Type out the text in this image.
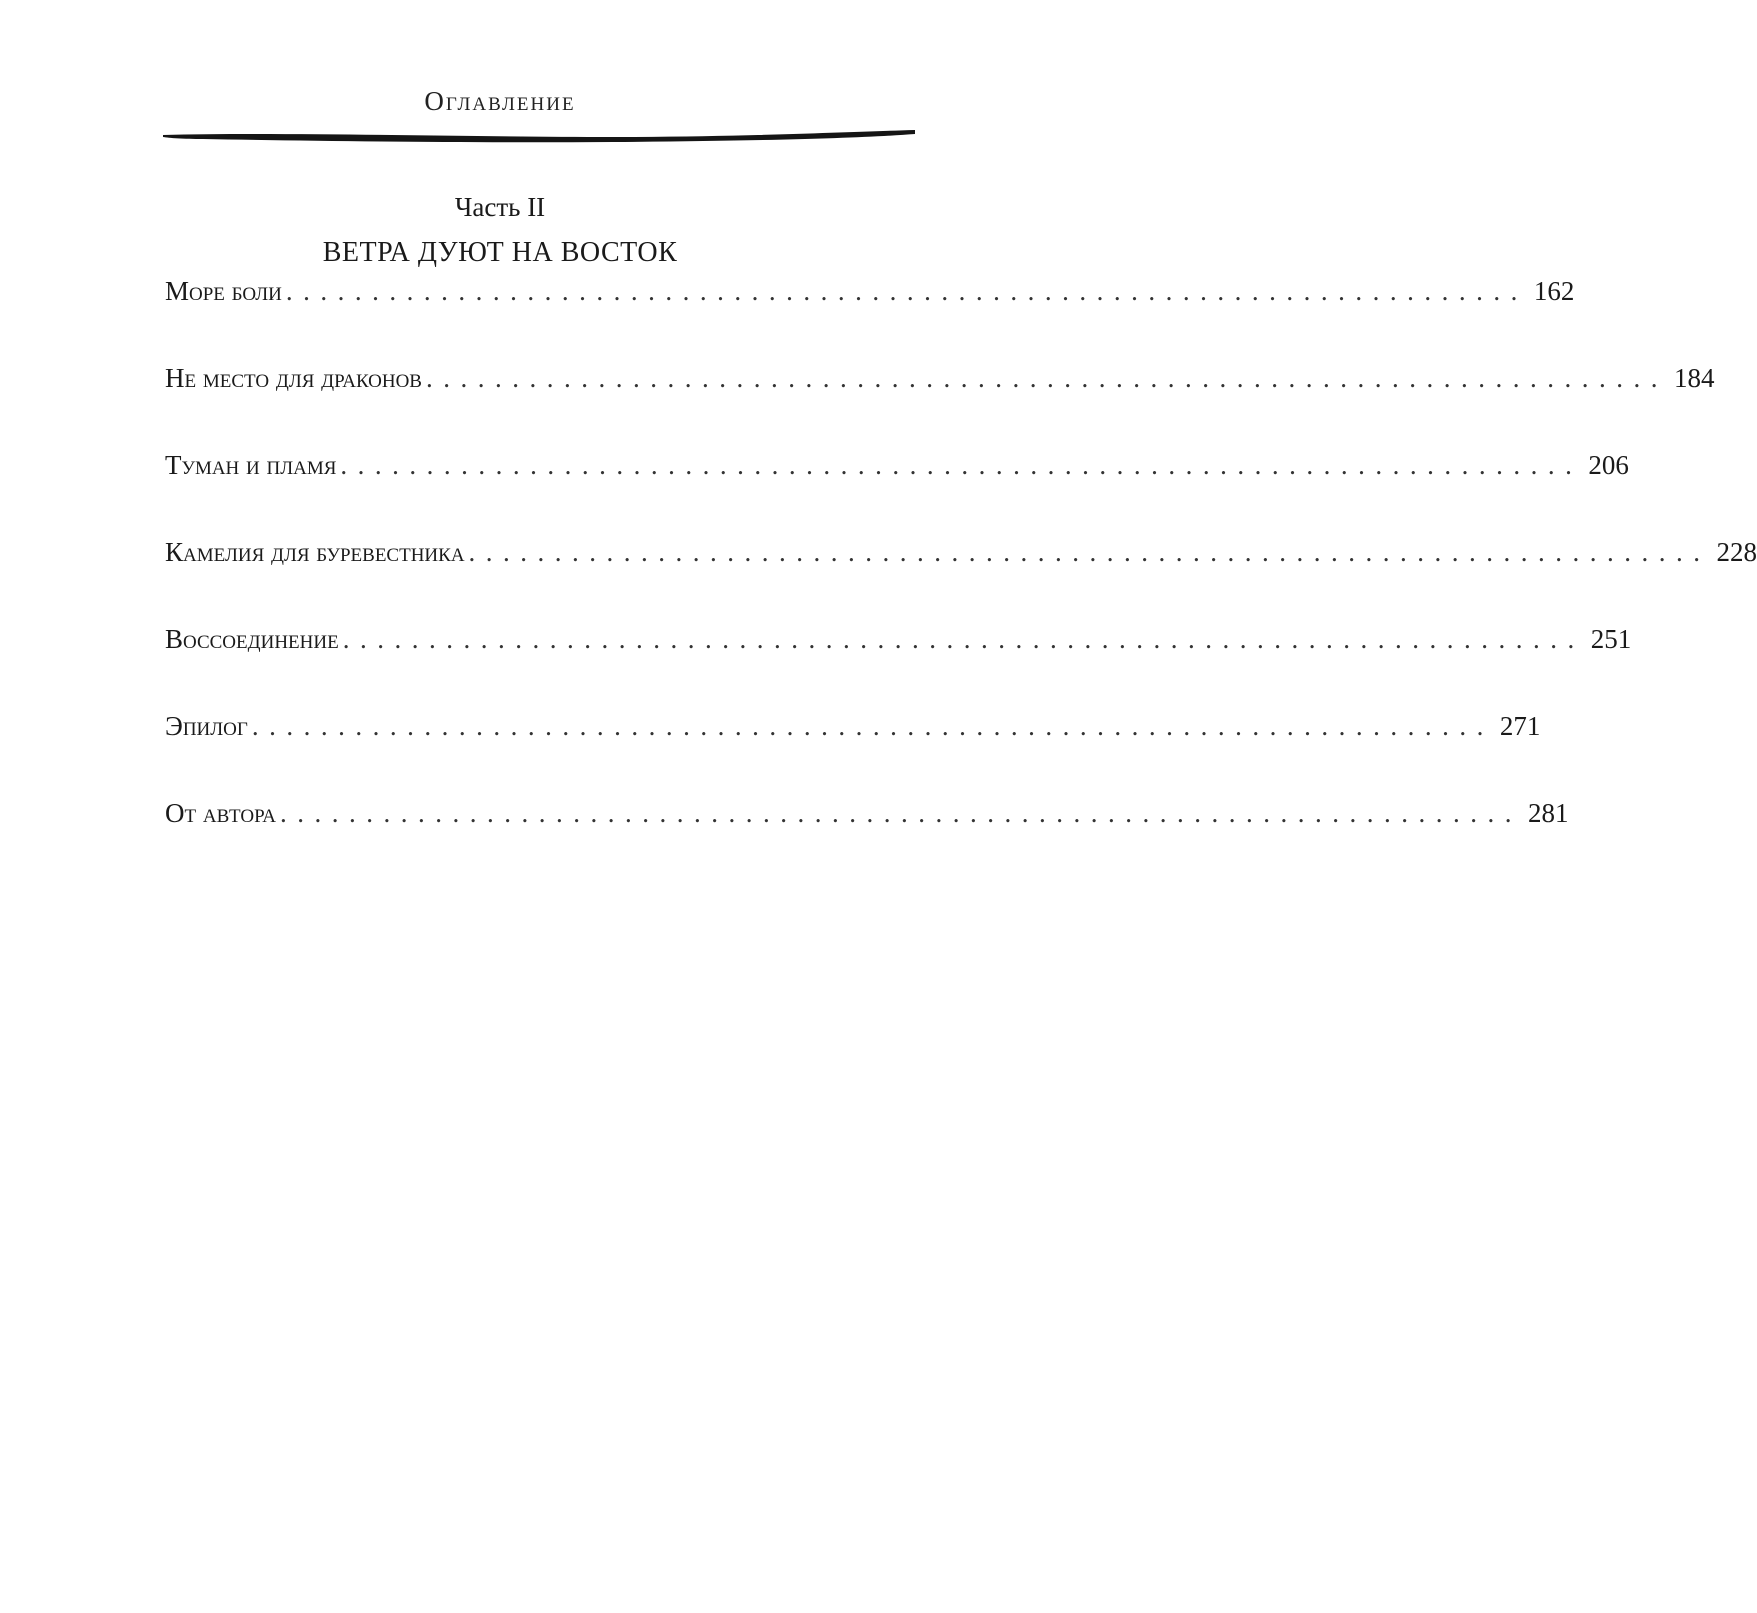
Оглавление
Часть II
ВЕТРА ДУЮТ НА ВОСТОК
Море боли ........................................................................ 162
Не место для драконов ........................................................................ 184
Туман и пламя ........................................................................ 206
Камелия для буревестника ........................................................................ 228
Воссоединение ........................................................................ 251
Эпилог ........................................................................ 271
От автора ........................................................................ 281
